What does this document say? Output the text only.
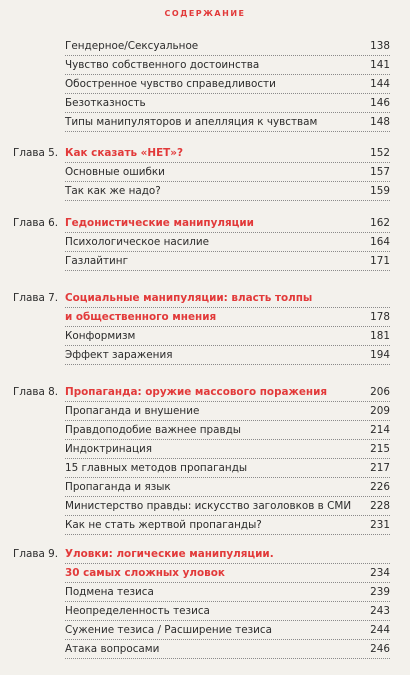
СОДЕРЖАНИЕ
Гендерное/Сексуальное	138
Чувство собственного достоинства	141
Обостренное чувство справедливости	144
Безотказность	146
Типы манипуляторов и апелляция к чувствам	148
Глава 5. Как сказать «НЕТ»?	152
Основные ошибки	157
Так как же надо?	159
Глава 6. Гедонистические манипуляции	162
Психологическое насилие	164
Газлайтинг	171
Глава 7. Социальные манипуляции: власть толпы
и общественного мнения	178
Конформизм	181
Эффект заражения	194
Глава 8. Пропаганда: оружие массового поражения	206
Пропаганда и внушение	209
Правдоподобие важнее правды	214
Индоктринация	215
15 главных методов пропаганды	217
Пропаганда и язык	226
Министерство правды: искусство заголовков в СМИ 228
Как не стать жертвой пропаганды?	231
Глава 9. Уловки: логические манипуляции.
30 самых сложных уловок	234
Подмена тезиса	239
Неопределенность тезиса	243
Сужение тезиса / Расширение тезиса	244
Атака вопросами	246
